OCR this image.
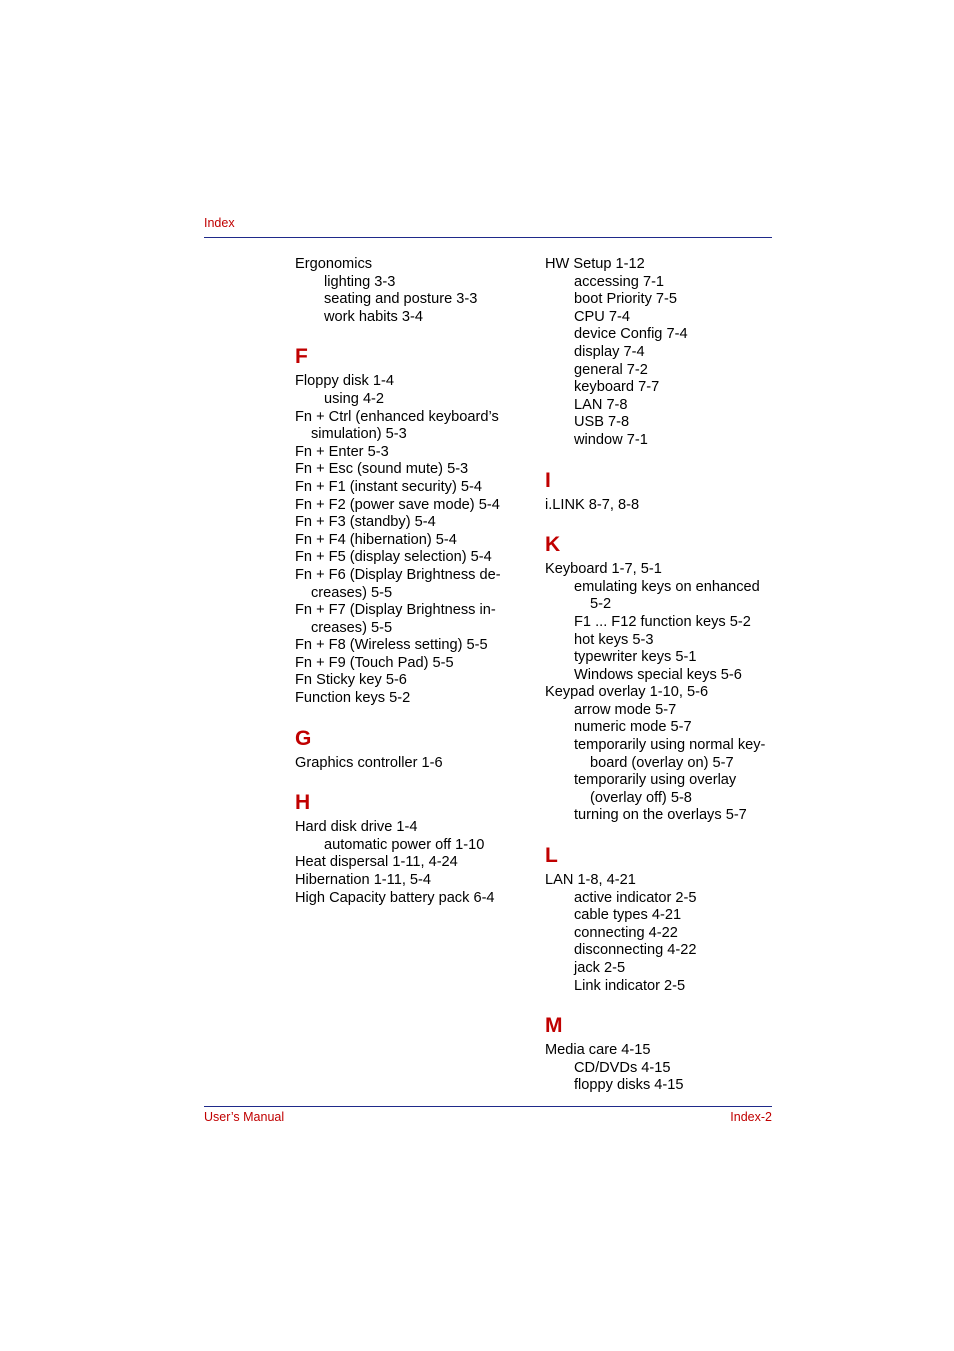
Index
Ergonomics
lighting 3-3
seating and posture 3-3
work habits 3-4
F
Floppy disk 1-4
using 4-2
Fn + Ctrl (enhanced keyboard’s
simulation) 5-3
Fn + Enter 5-3
Fn + Esc (sound mute) 5-3
Fn + F1 (instant security) 5-4
Fn + F2 (power save mode) 5-4
Fn + F3 (standby) 5-4
Fn + F4 (hibernation) 5-4
Fn + F5 (display selection) 5-4
Fn + F6 (Display Brightness de-
creases) 5-5
Fn + F7 (Display Brightness in-
creases) 5-5
Fn + F8 (Wireless setting) 5-5
Fn + F9 (Touch Pad) 5-5
Fn Sticky key 5-6
Function keys 5-2
G
Graphics controller 1-6
H
Hard disk drive 1-4
automatic power off 1-10
Heat dispersal 1-11, 4-24
Hibernation 1-11, 5-4
High Capacity battery pack 6-4
HW Setup 1-12
accessing 7-1
boot Priority 7-5
CPU 7-4
device Config 7-4
display 7-4
general 7-2
keyboard 7-7
LAN 7-8
USB 7-8
window 7-1
I
i.LINK 8-7, 8-8
K
Keyboard 1-7, 5-1
emulating keys on enhanced
5-2
F1 ... F12 function keys 5-2
hot keys 5-3
typewriter keys 5-1
Windows special keys 5-6
Keypad overlay 1-10, 5-6
arrow mode 5-7
numeric mode 5-7
temporarily using normal key-
board (overlay on) 5-7
temporarily using overlay
(overlay off) 5-8
turning on the overlays 5-7
L
LAN 1-8, 4-21
active indicator 2-5
cable types 4-21
connecting 4-22
disconnecting 4-22
jack 2-5
Link indicator 2-5
M
Media care 4-15
CD/DVDs 4-15
floppy disks 4-15
User’s Manual	Index-2
